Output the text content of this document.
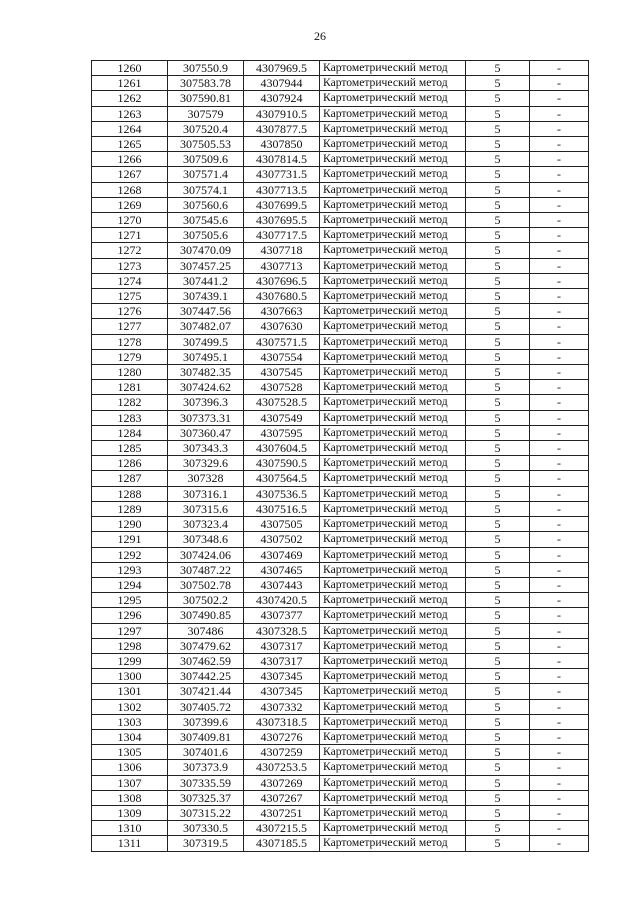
26
1260	307550.9	4307969.5	Картометрический метод	5	-
1261	307583.78	4307944	Картометрический метод	5	-
1262	307590.81	4307924	Картометрический метод	5	-
1263	307579	4307910.5	Картометрический метод	5	-
1264	307520.4	4307877.5	Картометрический метод	5	-
1265	307505.53	4307850	Картометрический метод	5	-
1266	307509.6	4307814.5	Картометрический метод	5	-
1267	307571.4	4307731.5	Картометрический метод	5	-
1268	307574.1	4307713.5	Картометрический метод	5	-
1269	307560.6	4307699.5	Картометрический метод	5	-
1270	307545.6	4307695.5	Картометрический метод	5	-
1271	307505.6	4307717.5	Картометрический метод	5	-
1272	307470.09	4307718	Картометрический метод	5	-
1273	307457.25	4307713	Картометрический метод	5	-
1274	307441.2	4307696.5	Картометрический метод	5	-
1275	307439.1	4307680.5	Картометрический метод	5	-
1276	307447.56	4307663	Картометрический метод	5	-
1277	307482.07	4307630	Картометрический метод	5	-
1278	307499.5	4307571.5	Картометрический метод	5	-
1279	307495.1	4307554	Картометрический метод	5	-
1280	307482.35	4307545	Картометрический метод	5	-
1281	307424.62	4307528	Картометрический метод	5	-
1282	307396.3	4307528.5	Картометрический метод	5	-
1283	307373.31	4307549	Картометрический метод	5	-
1284	307360.47	4307595	Картометрический метод	5	-
1285	307343.3	4307604.5	Картометрический метод	5	-
1286	307329.6	4307590.5	Картометрический метод	5	-
1287	307328	4307564.5	Картометрический метод	5	-
1288	307316.1	4307536.5	Картометрический метод	5	-
1289	307315.6	4307516.5	Картометрический метод	5	-
1290	307323.4	4307505	Картометрический метод	5	-
1291	307348.6	4307502	Картометрический метод	5	-
1292	307424.06	4307469	Картометрический метод	5	-
1293	307487.22	4307465	Картометрический метод	5	-
1294	307502.78	4307443	Картометрический метод	5	-
1295	307502.2	4307420.5	Картометрический метод	5	-
1296	307490.85	4307377	Картометрический метод	5	-
1297	307486	4307328.5	Картометрический метод	5	-
1298	307479.62	4307317	Картометрический метод	5	-
1299	307462.59	4307317	Картометрический метод	5	-
1300	307442.25	4307345	Картометрический метод	5	-
1301	307421.44	4307345	Картометрический метод	5	-
1302	307405.72	4307332	Картометрический метод	5	-
1303	307399.6	4307318.5	Картометрический метод	5	-
1304	307409.81	4307276	Картометрический метод	5	-
1305	307401.6	4307259	Картометрический метод	5	-
1306	307373.9	4307253.5	Картометрический метод	5	-
1307	307335.59	4307269	Картометрический метод	5	-
1308	307325.37	4307267	Картометрический метод	5	-
1309	307315.22	4307251	Картометрический метод	5	-
1310	307330.5	4307215.5	Картометрический метод	5	-
1311	307319.5	4307185.5	Картометрический метод	5	-
